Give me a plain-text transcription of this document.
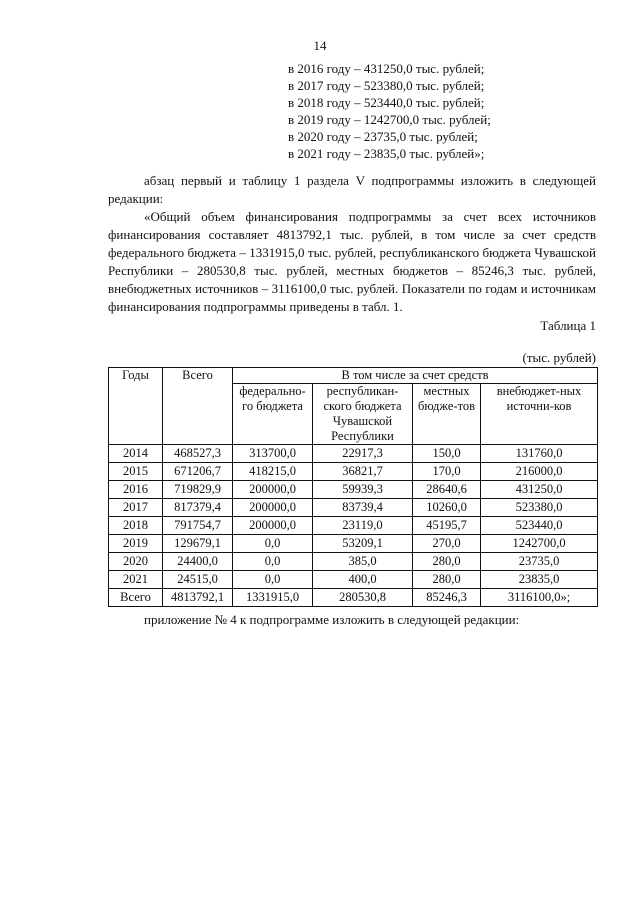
14
в 2016 году – 431250,0 тыс. рублей;
в 2017 году – 523380,0 тыс. рублей;
в 2018 году – 523440,0 тыс. рублей;
в 2019 году – 1242700,0 тыс. рублей;
в 2020 году – 23735,0 тыс. рублей;
в 2021 году – 23835,0 тыс. рублей»;
абзац первый и таблицу 1 раздела V подпрограммы изложить в следующей редакции:
«Общий объем финансирования подпрограммы за счет всех источников финансирования составляет 4813792,1 тыс. рублей, в том числе за счет средств федерального бюджета – 1331915,0 тыс. рублей, республиканского бюджета Чувашской Республики – 280530,8 тыс. рублей, местных бюджетов – 85246,3 тыс. рублей, внебюджетных источников – 3116100,0 тыс. рублей. Показатели по годам и источникам финансирования подпрограммы приведены в табл. 1.
Таблица 1
(тыс. рублей)
Годы	Всего	В том числе за счет средств			
		федерально-го бюджета	республикан-ского бюджета Чувашской Республики	местных бюдже-тов	внебюджет-ных источни-ков
2014	468527,3	313700,0	22917,3	150,0	131760,0
2015	671206,7	418215,0	36821,7	170,0	216000,0
2016	719829,9	200000,0	59939,3	28640,6	431250,0
2017	817379,4	200000,0	83739,4	10260,0	523380,0
2018	791754,7	200000,0	23119,0	45195,7	523440,0
2019	129679,1	0,0	53209,1	270,0	1242700,0
2020	24400,0	0,0	385,0	280,0	23735,0
2021	24515,0	0,0	400,0	280,0	23835,0
Всего	4813792,1	1331915,0	280530,8	85246,3	3116100,0»;
приложение № 4 к подпрограмме изложить в следующей редакции:
